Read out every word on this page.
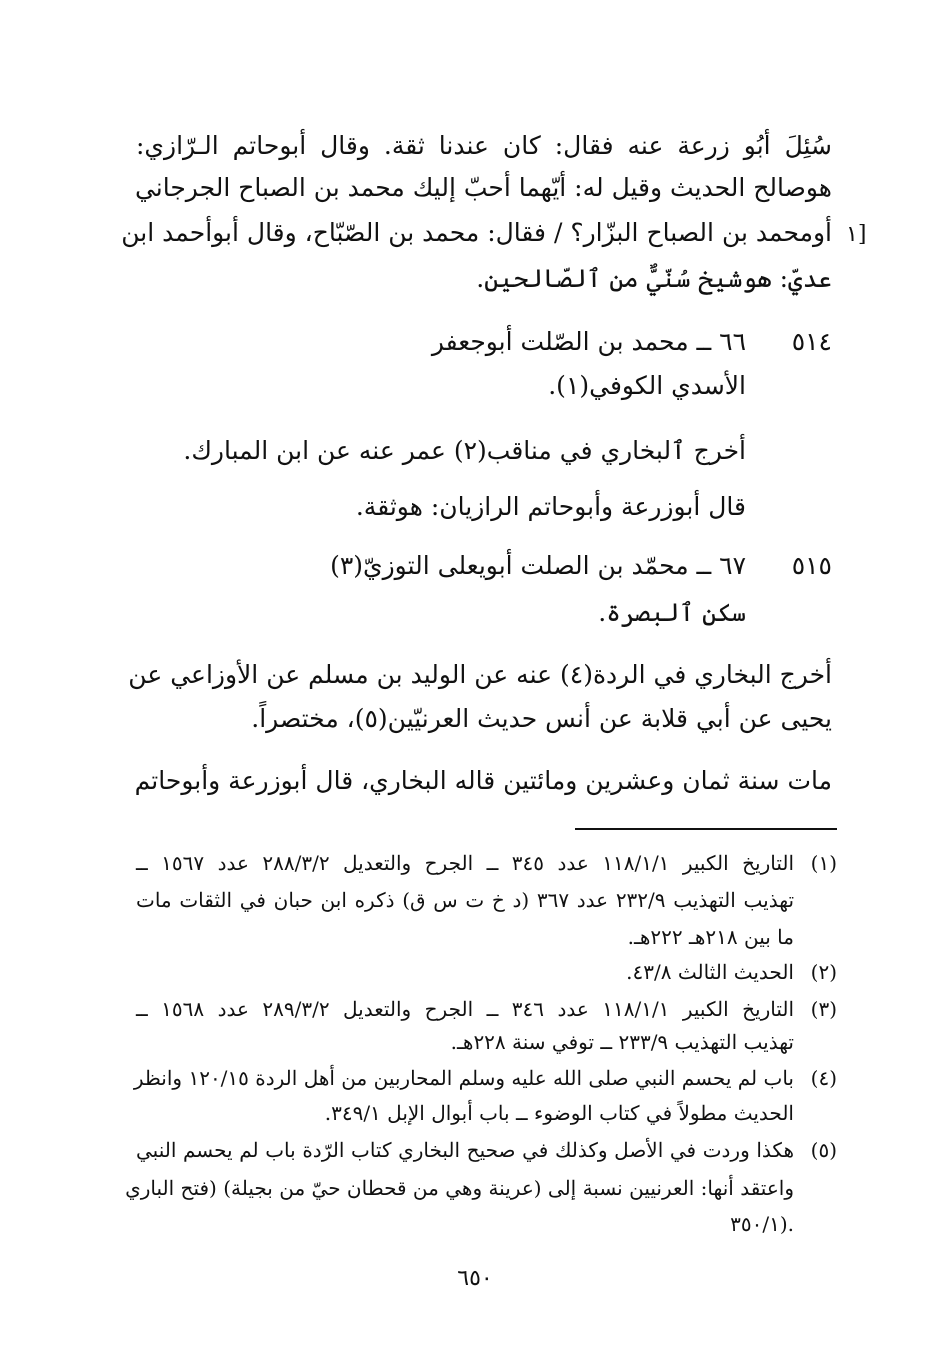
سُئِلَ أبُو زرعة عنه فقال: كان عندنا ثقة. وقال أبوحاتم الـرّازي:
هوصالح الحديث وقيل له: أيّهما أحبّ إليك محمد بن الصباح الجرجاني
أومحمد بن الصباح البزّار؟ / فقال: محمد بن الصّبّاح، وقال أبوأحمد ابن [١
عديّ: هوشيخ سُنّيٌّ من ٱلصّالحين.
٥١٤
٦٦ ــ محمد بن الصّلت أبوجعفر
الأسدي الكوفي(١).
أخرج ٱلبخاري في مناقب(٢) عمر عنه عن ابن المبارك.
قال أبوزرعة وأبوحاتم الرازيان: هوثقة.
٥١٥
٦٧ ــ محمّد بن الصلت أبويعلى التوزيّ(٣)
سكن ٱلبصرة.
أخرج البخاري في الردة(٤) عنه عن الوليد بن مسلم عن الأوزاعي عن
يحيى عن أبي قلابة عن أنس حديث العرنيّين(٥)، مختصراً.
مات سنة ثمان وعشرين ومائتين قاله البخاري، قال أبوزرعة وأبوحاتم
(١)
التاريخ الكبير ١١٨/١/١ عدد ٣٤٥ ــ الجرح والتعديل ٢٨٨/٣/٢ عدد ١٥٦٧ ــ
تهذيب التهذيب ٢٣٢/٩ عدد ٣٦٧ (د خ ت س ق) ذكره ابن حبان في الثقات مات
ما بين ٢١٨هـ ٢٢٢هـ.
(٢)
الحديث الثالث ٤٣/٨.
(٣)
التاريخ الكبير ١١٨/١/١ عدد ٣٤٦ ــ الجرح والتعديل ٢٨٩/٣/٢ عدد ١٥٦٨ ــ
تهذيب التهذيب ٢٣٣/٩ ــ توفي سنة ٢٢٨هـ.
(٤)
باب لم يحسم النبي صلى الله عليه وسلم المحاربين من أهل الردة ١٢٠/١٥ وانظر
الحديث مطولاً في كتاب الوضوء ــ باب أبوال الإبل ٣٤٩/١.
(٥)
هكذا وردت في الأصل وكذلك في صحيح البخاري كتاب الرّدة باب لم يحسم النبي
واعتقد أنها: العرنيين نسبة إلى (عرينة وهي من قحطان حيّ من بجيلة) (فتح الباري
.(٣٥٠/١
٦٥٠
